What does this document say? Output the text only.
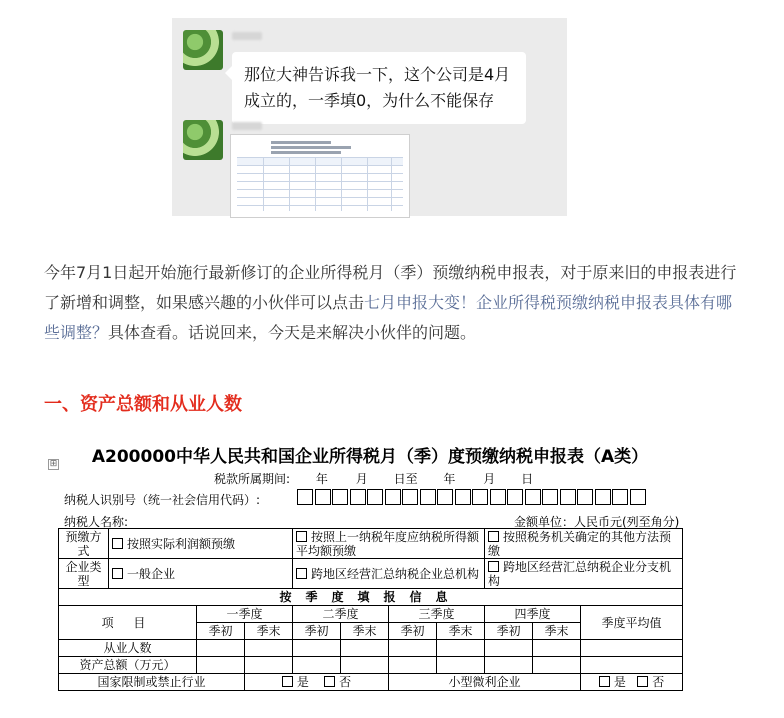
那位大神告诉我一下，这个公司是4月成立的，一季填0，为什么不能保存

今年7月1日起开始施行最新修订的企业所得税月（季）预缴纳税申报表，对于原来旧的申报表进行了新增和调整，如果感兴趣的小伙伴可以点击七月申报大变！企业所得税预缴纳税申报表具体有哪些调整？具体查看。话说回来，今天是来解决小伙伴的问题。

一、资产总额和从业人数
⊞	A200000中华人民共和国企业所得税月（季）度预缴纳税申报表（A类）
税款所属期间: 年 月 日至 年 月 日
纳税人识别号（统一社会信用代码）:
纳税人名称:	金额单位：人民币元(列至角分)
预缴方式	按照实际利润额预缴			按照上一纳税年度应纳税所得额平均额预缴				按照税务机关确定的其他方法预缴		
企业类型	一般企业			跨地区经营汇总纳税企业总机构				跨地区经营汇总纳税企业分支机构		
按季度填报信息										
项 目		一季度		二季度		三季度		四季度		季度平均值
		季初	季末	季初	季末	季初	季末	季初	季末	
从业人数										
资产总额（万元）										
国家限制或禁止行业			是 否			小型微利企业				是 否
